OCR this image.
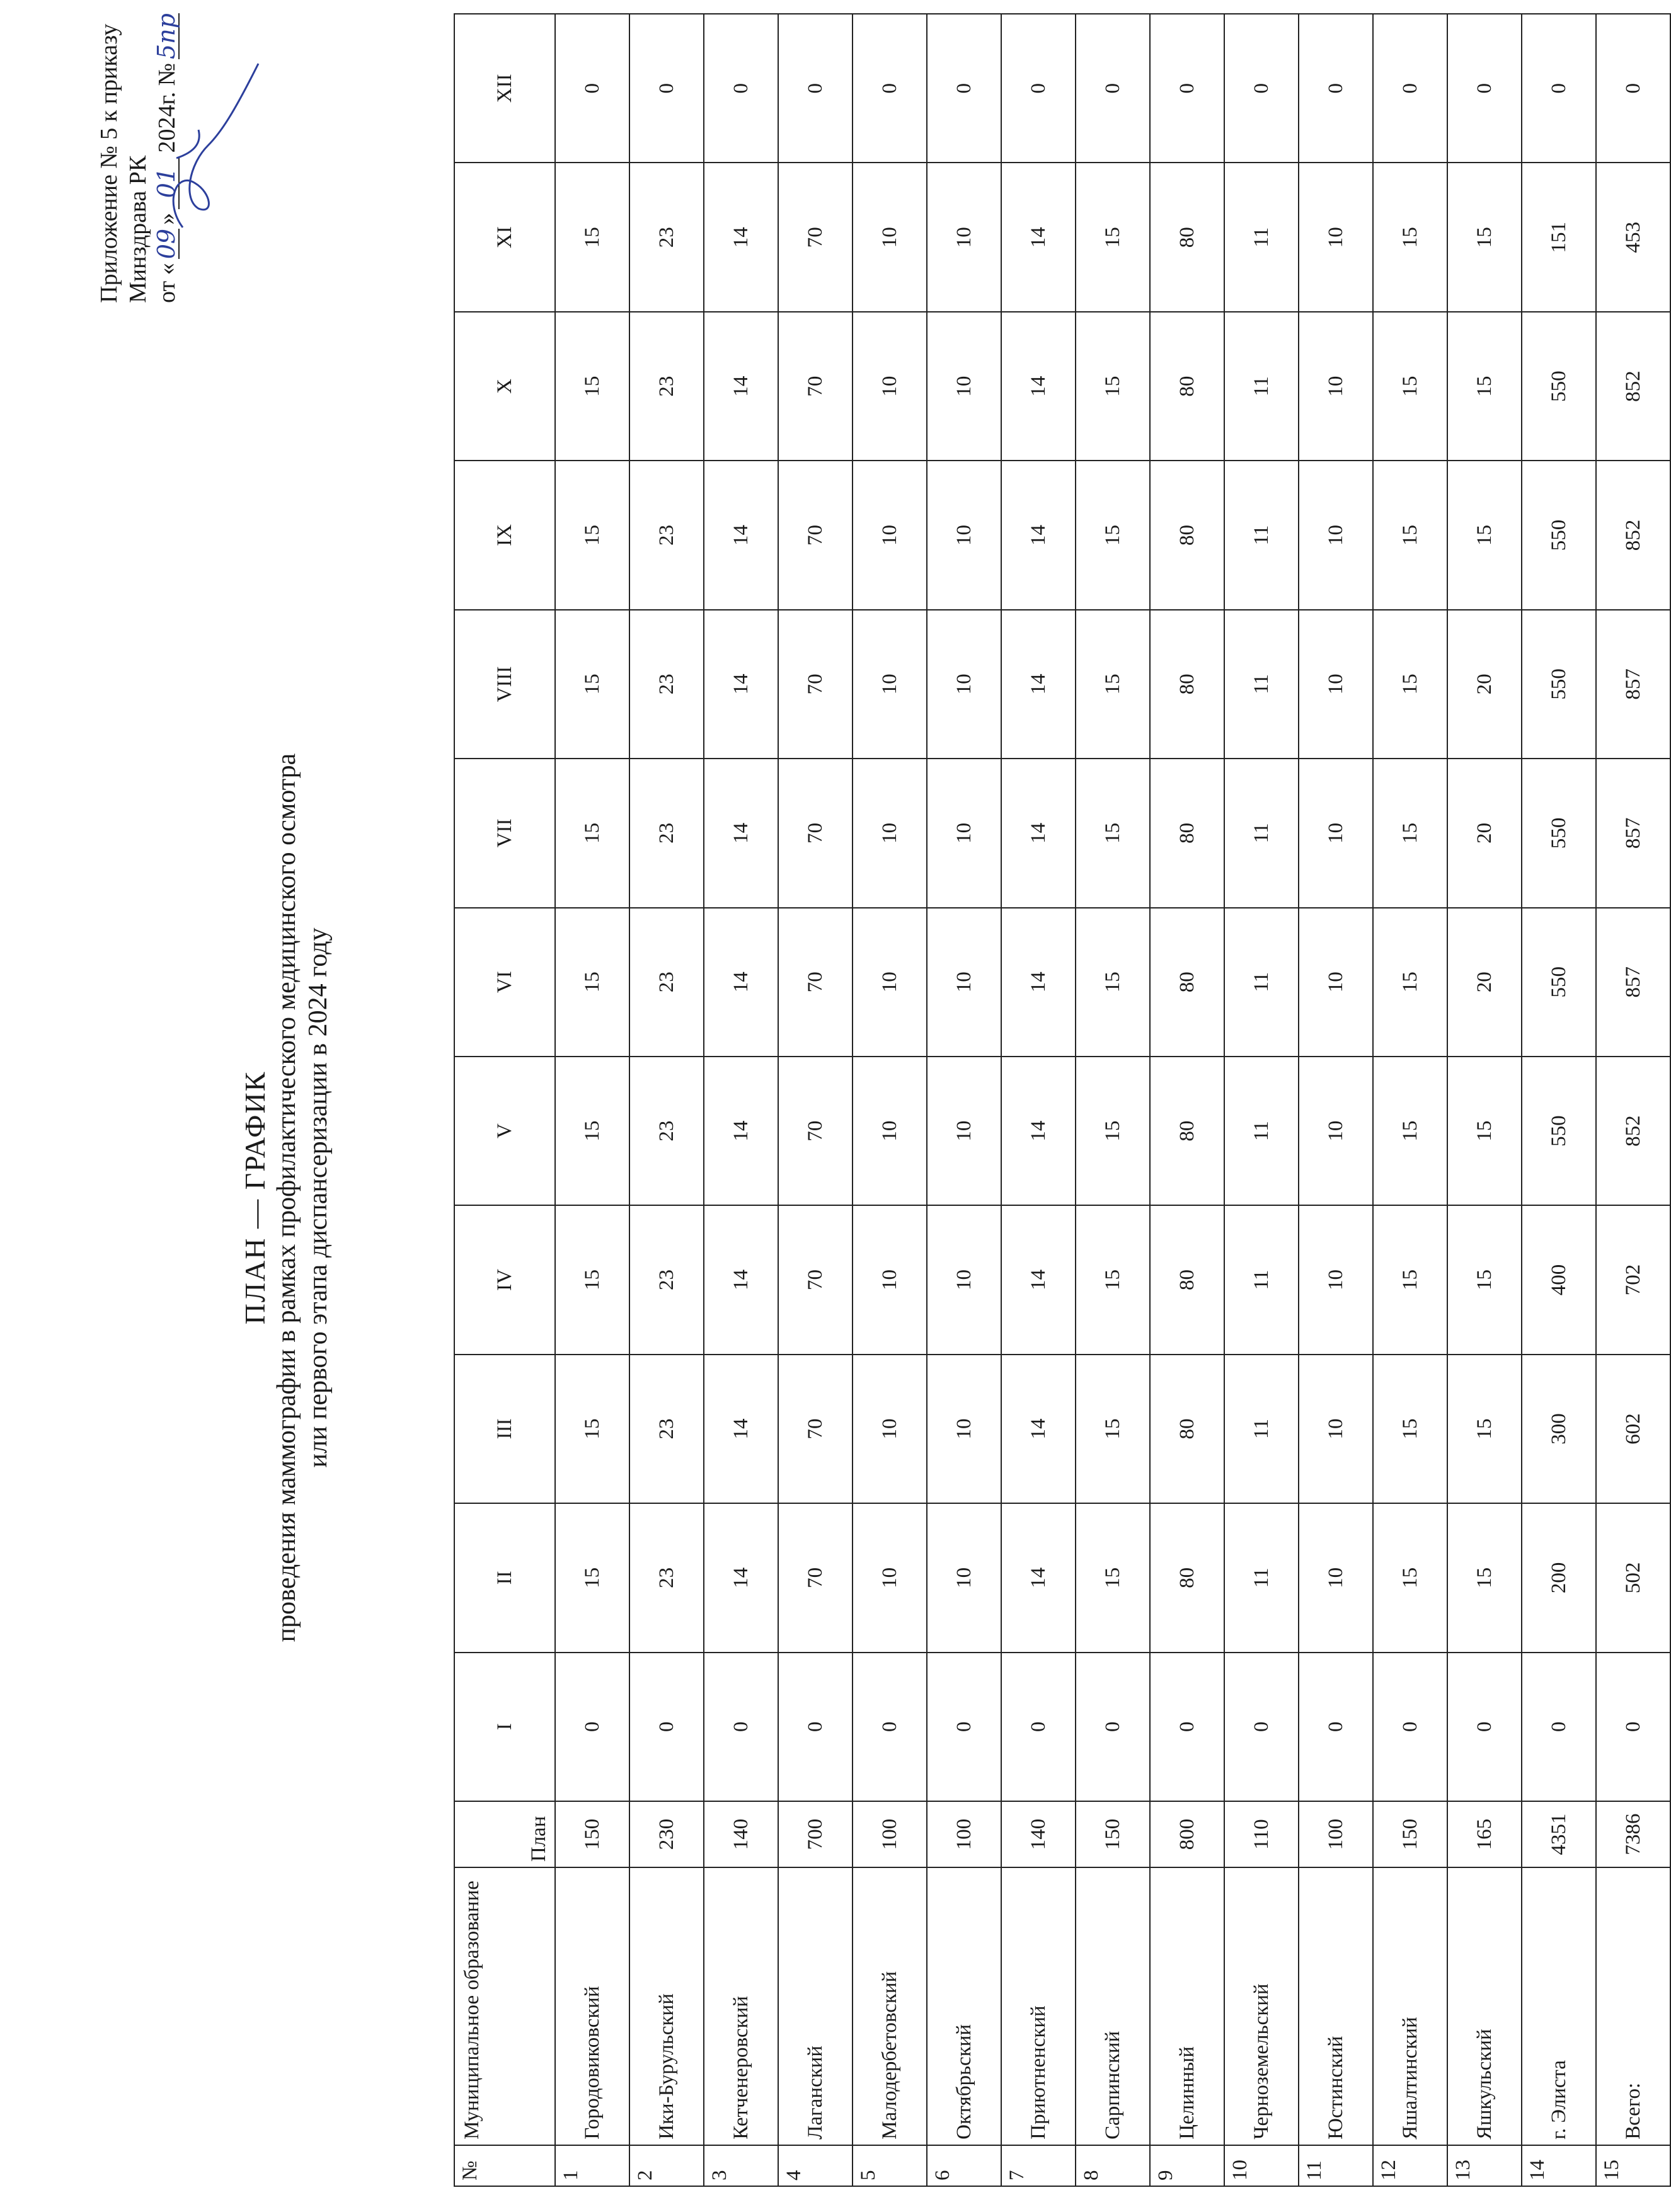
Приложение № 5 к приказу Минздрава РК от «
09
»
01
2024г. №
5пр
ПЛАН — ГРАФИК проведения маммографии в рамках профилактического медицинского осмотра или первого этапа диспансеризации в 2024 году
№	Муниципальное образование	План	I	II	III	IV	V	VI	VII	VIII	IX	X	XI	XII
1	Городовиковский	150	0	15	15	15	15	15	15	15	15	15	15	0
2	Ики-Бурульский	230	0	23	23	23	23	23	23	23	23	23	23	0
3	Кетченеровский	140	0	14	14	14	14	14	14	14	14	14	14	0
4	Лаганский	700	0	70	70	70	70	70	70	70	70	70	70	0
5	Малодербетовский	100	0	10	10	10	10	10	10	10	10	10	10	0
6	Октябрьский	100	0	10	10	10	10	10	10	10	10	10	10	0
7	Приютненский	140	0	14	14	14	14	14	14	14	14	14	14	0
8	Сарпинский	150	0	15	15	15	15	15	15	15	15	15	15	0
9	Целинный	800	0	80	80	80	80	80	80	80	80	80	80	0
10	Черноземельский	110	0	11	11	11	11	11	11	11	11	11	11	0
11	Юстинский	100	0	10	10	10	10	10	10	10	10	10	10	0
12	Яшалтинский	150	0	15	15	15	15	15	15	15	15	15	15	0
13	Яшкульский	165	0	15	15	15	15	20	20	20	15	15	15	0
14	г. Элиста	4351	0	200	300	400	550	550	550	550	550	550	151	0
15	Всего:	7386	0	502	602	702	852	857	857	857	852	852	453	0
